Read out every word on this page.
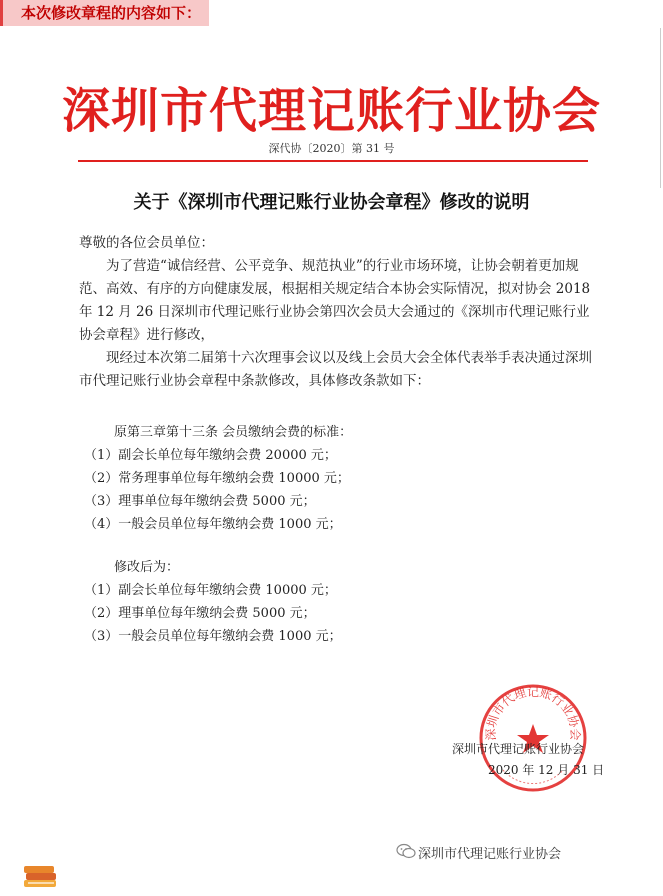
本次修改章程的内容如下：
深圳市代理记账行业协会
深代协〔2020〕第 31 号
关于《深圳市代理记账行业协会章程》修改的说明

尊敬的各位会员单位：

为了营造“诚信经营、公平竞争、规范执业”的行业市场环境，让协会朝着更加规范、高效、有序的方向健康发展，根据相关规定结合本协会实际情况，拟对协会 2018 年 12 月 26 日深圳市代理记账行业协会第四次会员大会通过的《深圳市代理记账行业协会章程》进行修改，

现经过本次第二届第十六次理事会议以及线上会员大会全体代表举手表决通过深圳市代理记账行业协会章程中条款修改，具体修改条款如下：

原第三章第十三条 会员缴纳会费的标准：
（1）副会长单位每年缴纳会费 20000 元；
（2）常务理事单位每年缴纳会费 10000 元；
（3）理事单位每年缴纳会费 5000 元；
（4）一般会员单位每年缴纳会费 1000 元；
修改后为：
（1）副会长单位每年缴纳会费 10000 元；
（2）理事单位每年缴纳会费 5000 元；
（3）一般会员单位每年缴纳会费 1000 元；
深圳市代理记账行业协会
深圳市代理记账行业协会
2020 年 12 月 31 日
深圳市代理记账行业协会
